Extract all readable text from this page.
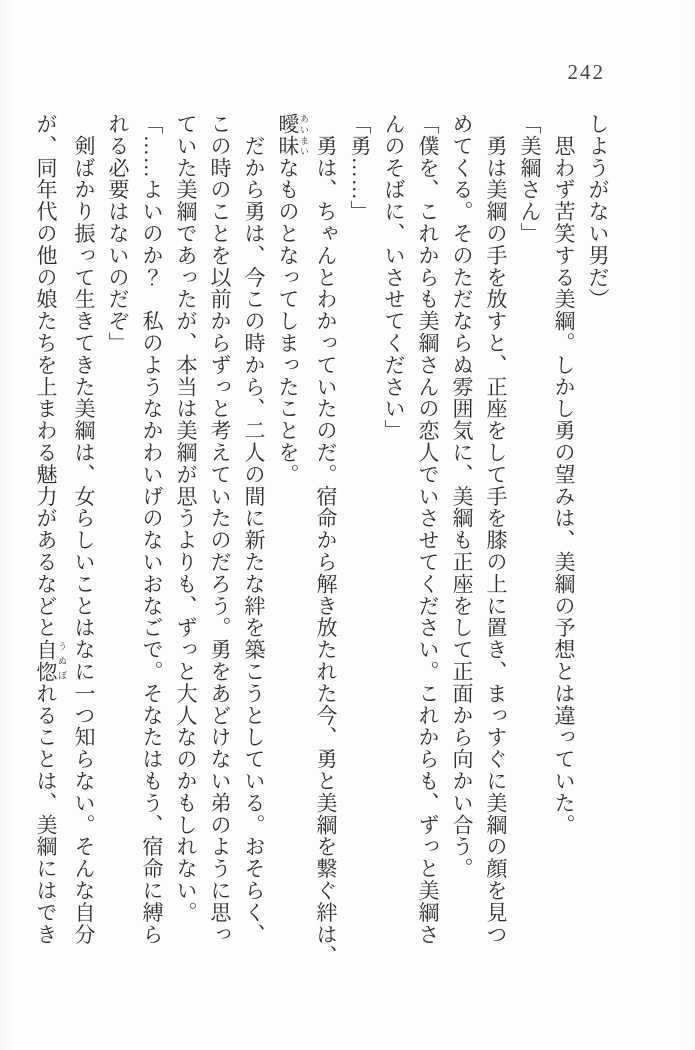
242
しようがない男だ）
　思わず苦笑する美綱。しかし勇の望みは、美綱の予想とは違っていた。
「美綱さん」
　勇は美綱の手を放すと、正座をして手を膝の上に置き、まっすぐに美綱の顔を見つ
めてくる。そのただならぬ雰囲気に、美綱も正座をして正面から向かい合う。
「僕を、これからも美綱さんの恋人でいさせてください。これからも、ずっと美綱さ
んのそばに、いさせてください」
「勇……」
　勇は、ちゃんとわかっていたのだ。宿命から解き放たれた今、勇と美綱を繋ぐ絆は、
曖昧 あいまいなものとなってしまったことを。
　だから勇は、今この時から、二人の間に新たな絆を築こうとしている。おそらく、
この時のことを以前からずっと考えていたのだろう。勇をあどけない弟のように思っ
ていた美綱であったが、本当は美綱が思うよりも、ずっと大人なのかもしれない。
「……よいのか？　私のようなかわいげのないおなごで。そなたはもう、宿命に縛ら
れる必要はないのだぞ」
　剣ばかり振って生きてきた美綱は、女らしいことはなに一つ知らない。そんな自分
が、同年代の他の娘たちを上まわる魅力があるなどと自惚 うぬぼれることは、美綱にはでき
